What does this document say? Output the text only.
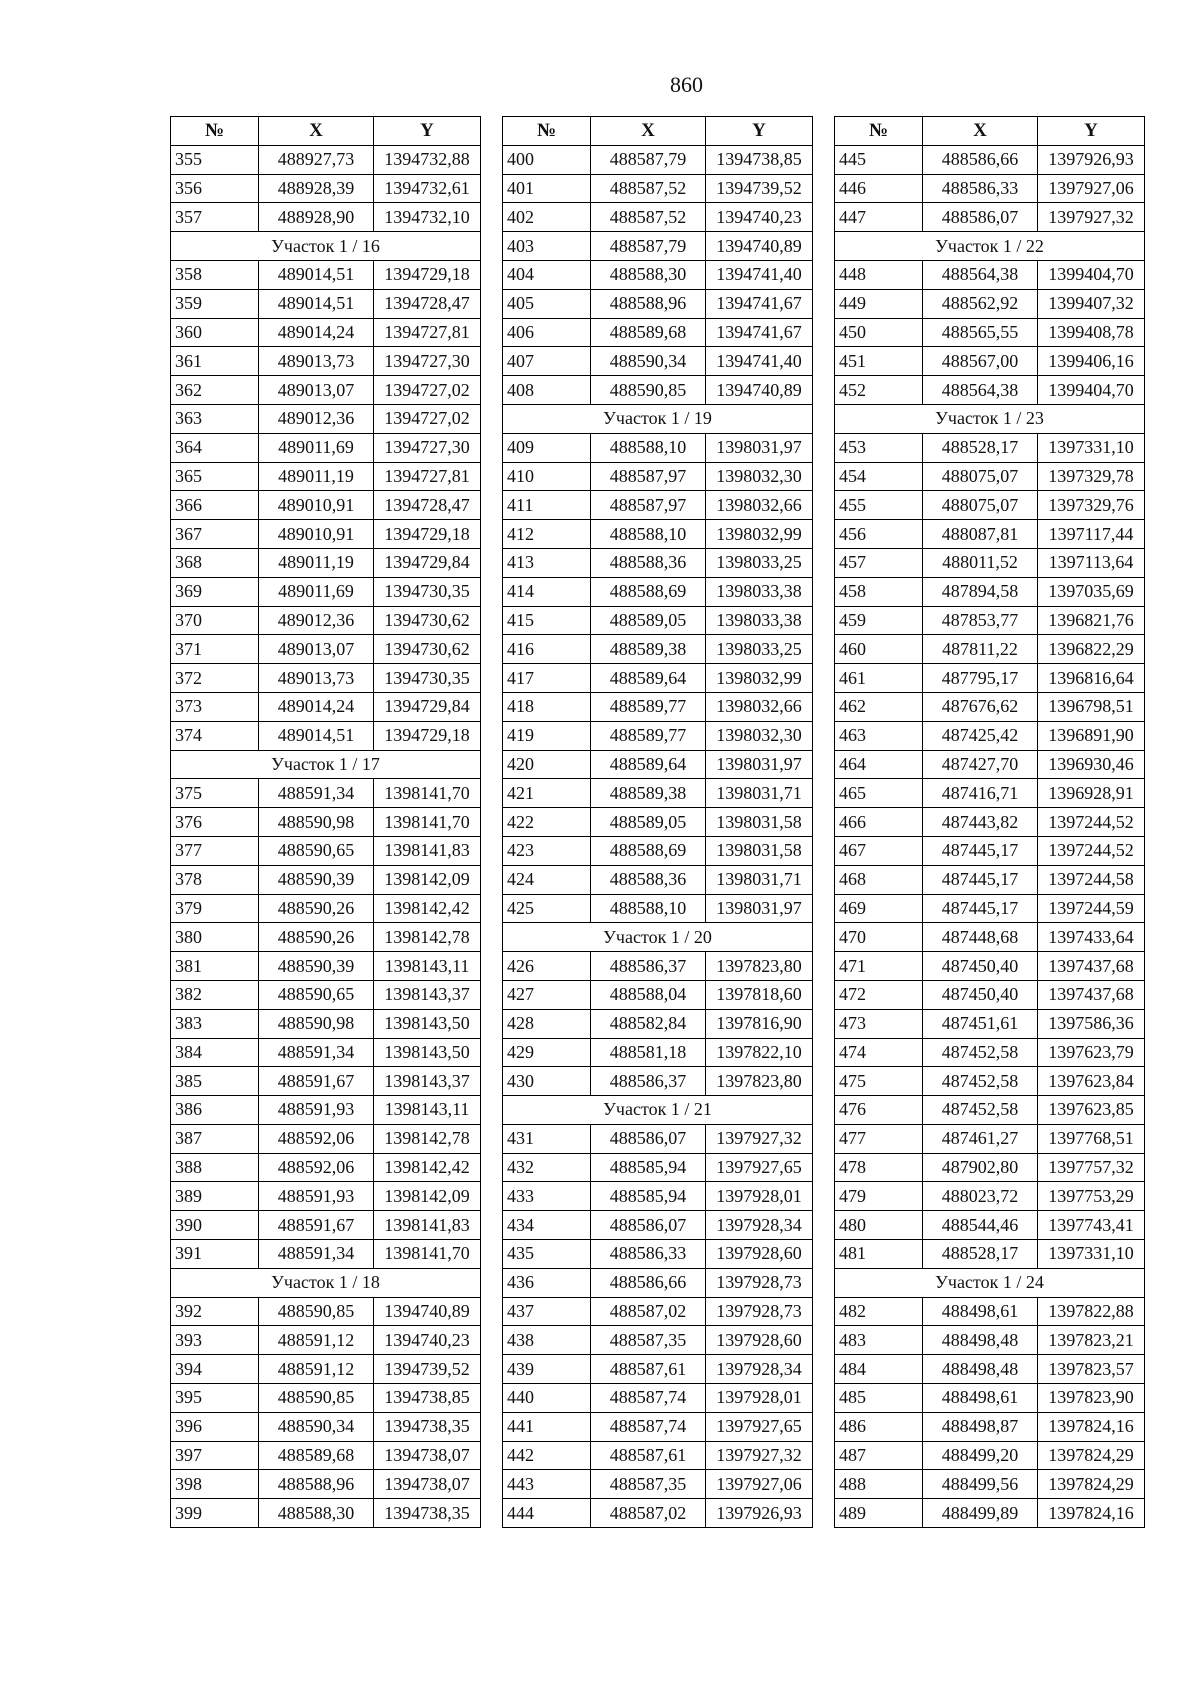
860
№	X	Y
355	488927,73	1394732,88
356	488928,39	1394732,61
357	488928,90	1394732,10
Участок 1 / 16		
358	489014,51	1394729,18
359	489014,51	1394728,47
360	489014,24	1394727,81
361	489013,73	1394727,30
362	489013,07	1394727,02
363	489012,36	1394727,02
364	489011,69	1394727,30
365	489011,19	1394727,81
366	489010,91	1394728,47
367	489010,91	1394729,18
368	489011,19	1394729,84
369	489011,69	1394730,35
370	489012,36	1394730,62
371	489013,07	1394730,62
372	489013,73	1394730,35
373	489014,24	1394729,84
374	489014,51	1394729,18
Участок 1 / 17		
375	488591,34	1398141,70
376	488590,98	1398141,70
377	488590,65	1398141,83
378	488590,39	1398142,09
379	488590,26	1398142,42
380	488590,26	1398142,78
381	488590,39	1398143,11
382	488590,65	1398143,37
383	488590,98	1398143,50
384	488591,34	1398143,50
385	488591,67	1398143,37
386	488591,93	1398143,11
387	488592,06	1398142,78
388	488592,06	1398142,42
389	488591,93	1398142,09
390	488591,67	1398141,83
391	488591,34	1398141,70
Участок 1 / 18		
392	488590,85	1394740,89
393	488591,12	1394740,23
394	488591,12	1394739,52
395	488590,85	1394738,85
396	488590,34	1394738,35
397	488589,68	1394738,07
398	488588,96	1394738,07
399	488588,30	1394738,35
№	X	Y
400	488587,79	1394738,85
401	488587,52	1394739,52
402	488587,52	1394740,23
403	488587,79	1394740,89
404	488588,30	1394741,40
405	488588,96	1394741,67
406	488589,68	1394741,67
407	488590,34	1394741,40
408	488590,85	1394740,89
Участок 1 / 19		
409	488588,10	1398031,97
410	488587,97	1398032,30
411	488587,97	1398032,66
412	488588,10	1398032,99
413	488588,36	1398033,25
414	488588,69	1398033,38
415	488589,05	1398033,38
416	488589,38	1398033,25
417	488589,64	1398032,99
418	488589,77	1398032,66
419	488589,77	1398032,30
420	488589,64	1398031,97
421	488589,38	1398031,71
422	488589,05	1398031,58
423	488588,69	1398031,58
424	488588,36	1398031,71
425	488588,10	1398031,97
Участок 1 / 20		
426	488586,37	1397823,80
427	488588,04	1397818,60
428	488582,84	1397816,90
429	488581,18	1397822,10
430	488586,37	1397823,80
Участок 1 / 21		
431	488586,07	1397927,32
432	488585,94	1397927,65
433	488585,94	1397928,01
434	488586,07	1397928,34
435	488586,33	1397928,60
436	488586,66	1397928,73
437	488587,02	1397928,73
438	488587,35	1397928,60
439	488587,61	1397928,34
440	488587,74	1397928,01
441	488587,74	1397927,65
442	488587,61	1397927,32
443	488587,35	1397927,06
444	488587,02	1397926,93
№	X	Y
445	488586,66	1397926,93
446	488586,33	1397927,06
447	488586,07	1397927,32
Участок 1 / 22		
448	488564,38	1399404,70
449	488562,92	1399407,32
450	488565,55	1399408,78
451	488567,00	1399406,16
452	488564,38	1399404,70
Участок 1 / 23		
453	488528,17	1397331,10
454	488075,07	1397329,78
455	488075,07	1397329,76
456	488087,81	1397117,44
457	488011,52	1397113,64
458	487894,58	1397035,69
459	487853,77	1396821,76
460	487811,22	1396822,29
461	487795,17	1396816,64
462	487676,62	1396798,51
463	487425,42	1396891,90
464	487427,70	1396930,46
465	487416,71	1396928,91
466	487443,82	1397244,52
467	487445,17	1397244,52
468	487445,17	1397244,58
469	487445,17	1397244,59
470	487448,68	1397433,64
471	487450,40	1397437,68
472	487450,40	1397437,68
473	487451,61	1397586,36
474	487452,58	1397623,79
475	487452,58	1397623,84
476	487452,58	1397623,85
477	487461,27	1397768,51
478	487902,80	1397757,32
479	488023,72	1397753,29
480	488544,46	1397743,41
481	488528,17	1397331,10
Участок 1 / 24		
482	488498,61	1397822,88
483	488498,48	1397823,21
484	488498,48	1397823,57
485	488498,61	1397823,90
486	488498,87	1397824,16
487	488499,20	1397824,29
488	488499,56	1397824,29
489	488499,89	1397824,16
